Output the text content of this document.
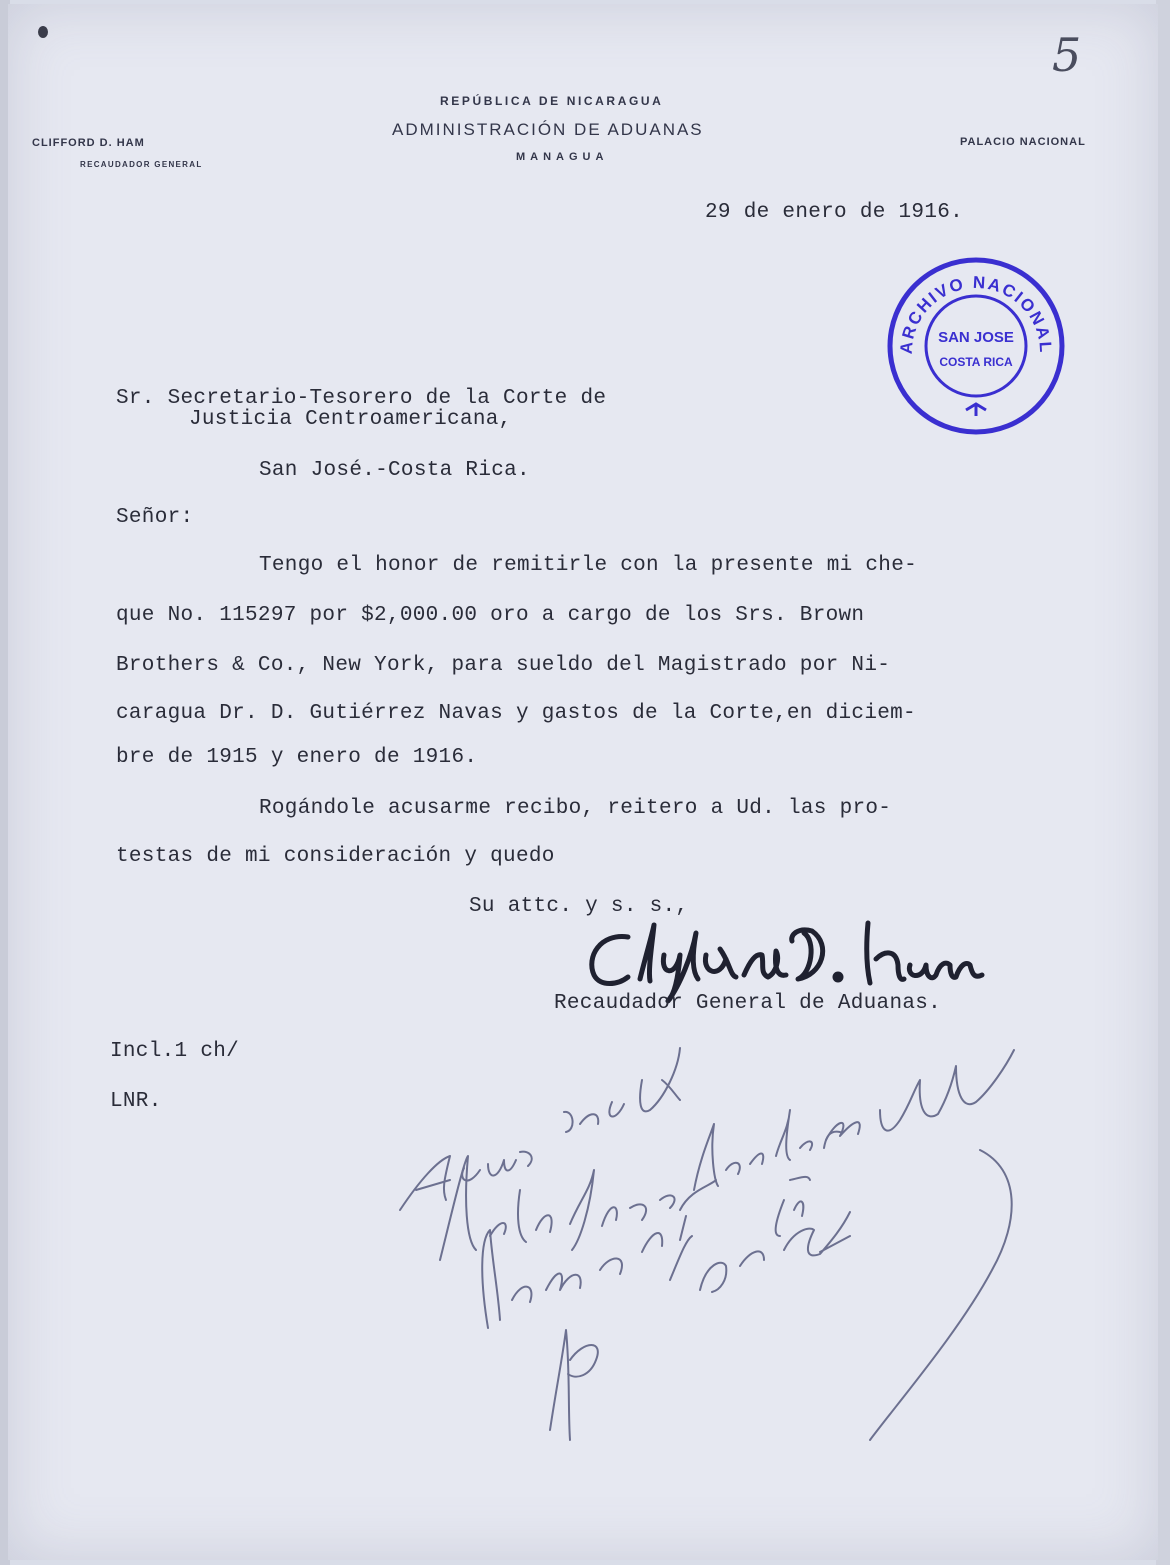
REPÚBLICA DE NICARAGUA
ADMINISTRACIÓN DE ADUANAS
MANAGUA
CLIFFORD D. HAM
RECAUDADOR GENERAL
PALACIO NACIONAL
5
29 de enero de 1916.
ARCHIVO NACIONAL
SAN JOSE
COSTA RICA
Sr. Secretario-Tesorero de la Corte de
Justicia Centroamericana,
San José.-Costa Rica.
Señor:
Tengo el honor de remitirle con la presente mi che-
que No. 115297 por $2,000.00 oro a cargo de los Srs. Brown
Brothers & Co., New York, para sueldo del Magistrado por Ni-
caragua Dr. D. Gutiérrez Navas y gastos de la Corte,en diciem-
bre de 1915 y enero de 1916.
Rogándole acusarme recibo, reitero a Ud. las pro-
testas de mi consideración y quedo
Su attc. y s. s.,
Recaudador General de Aduanas.
Incl.1 ch/
LNR.
